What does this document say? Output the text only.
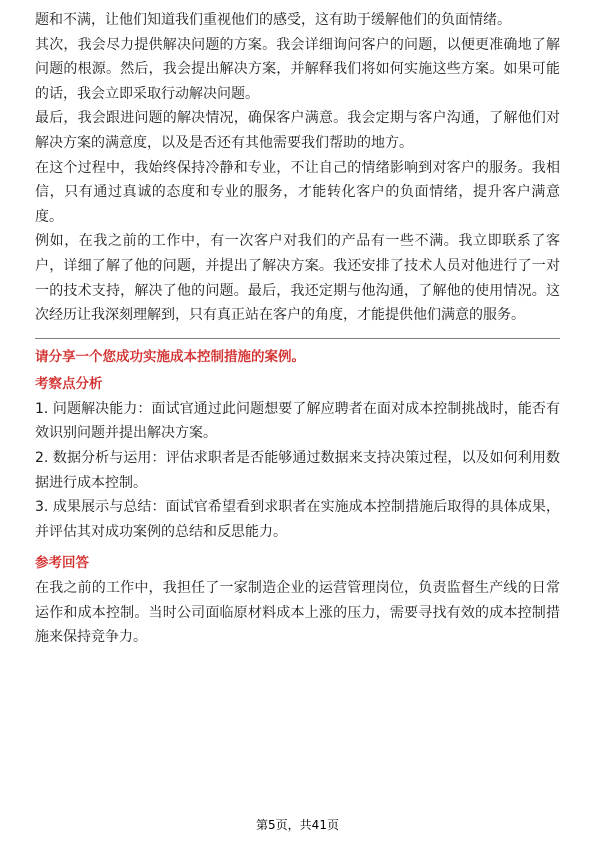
题和不满，让他们知道我们重视他们的感受，这有助于缓解他们的负面情绪。

其次，我会尽力提供解决问题的方案。我会详细询问客户的问题，以便更准确地了解问题的根源。然后，我会提出解决方案，并解释我们将如何实施这些方案。如果可能的话，我会立即采取行动解决问题。

最后，我会跟进问题的解决情况，确保客户满意。我会定期与客户沟通，了解他们对解决方案的满意度，以及是否还有其他需要我们帮助的地方。

在这个过程中，我始终保持冷静和专业，不让自己的情绪影响到对客户的服务。我相信，只有通过真诚的态度和专业的服务，才能转化客户的负面情绪，提升客户满意度。

例如，在我之前的工作中，有一次客户对我们的产品有一些不满。我立即联系了客户，详细了解了他的问题，并提出了解决方案。我还安排了技术人员对他进行了一对一的技术支持，解决了他的问题。最后，我还定期与他沟通，了解他的使用情况。这次经历让我深刻理解到，只有真正站在客户的角度，才能提供他们满意的服务。

请分享一个您成功实施成本控制措施的案例。
考察点分析

1. 问题解决能力：面试官通过此问题想要了解应聘者在面对成本控制挑战时，能否有效识别问题并提出解决方案。

2. 数据分析与运用：评估求职者是否能够通过数据来支持决策过程，以及如何利用数据进行成本控制。

3. 成果展示与总结：面试官希望看到求职者在实施成本控制措施后取得的具体成果，并评估其对成功案例的总结和反思能力。

参考回答

在我之前的工作中，我担任了一家制造企业的运营管理岗位，负责监督生产线的日常运作和成本控制。当时公司面临原材料成本上涨的压力，需要寻找有效的成本控制措施来保持竞争力。

第5页，共41页
